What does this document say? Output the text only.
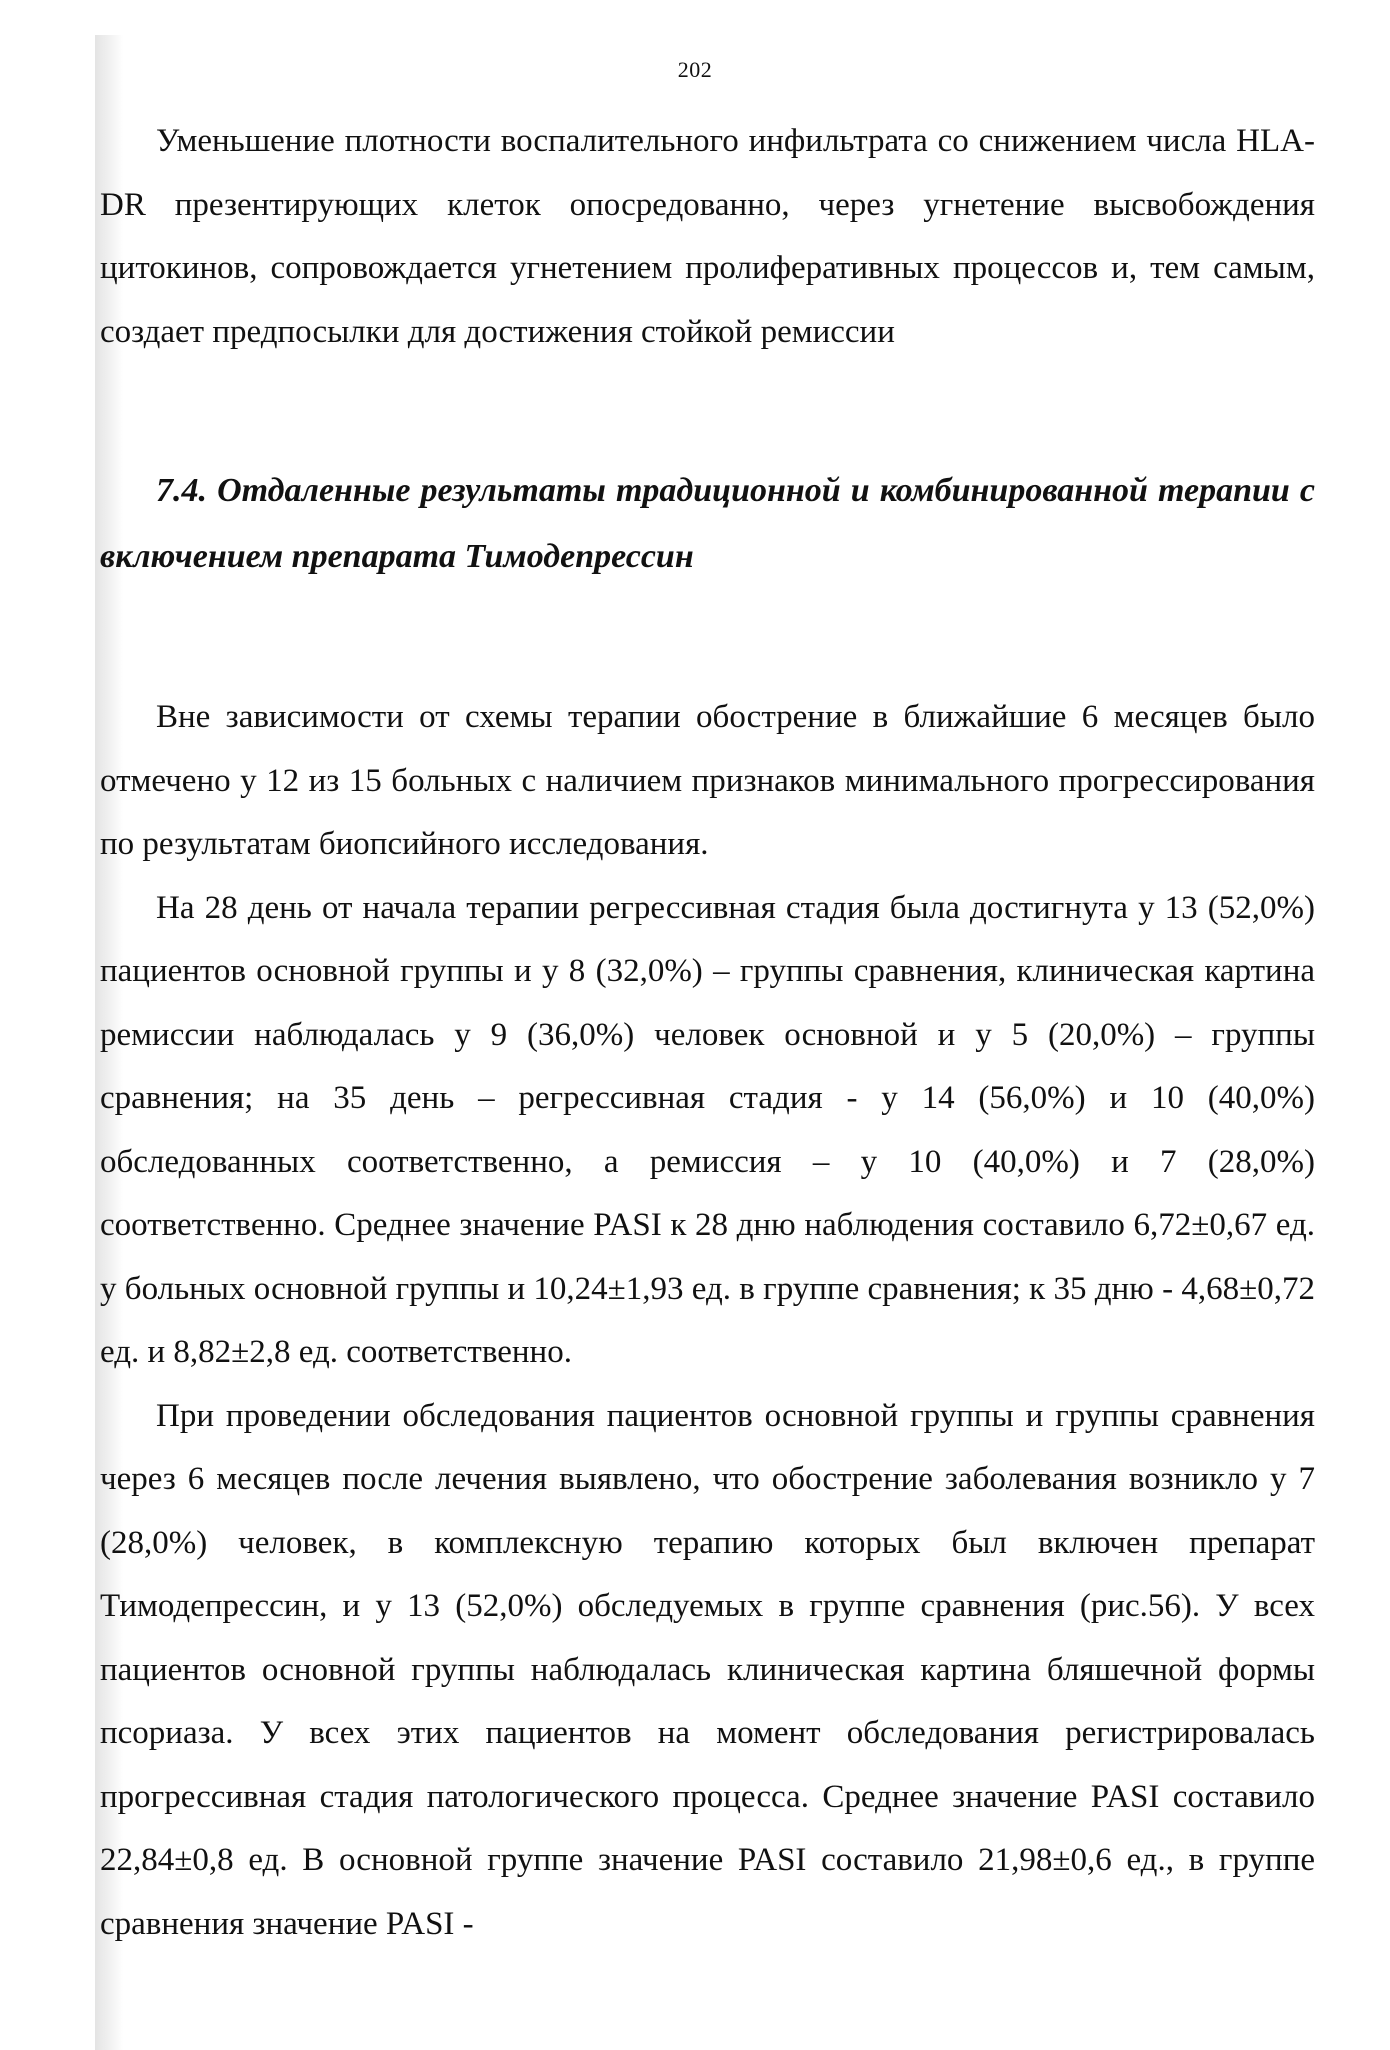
202

Уменьшение плотности воспалительного инфильтрата со снижением числа HLA-DR презентирующих клеток опосредованно, через угнетение высвобождения цитокинов, сопровождается угнетением пролиферативных процессов и, тем самым, создает предпосылки для достижения стойкой ремиссии

7.4. Отдаленные результаты традиционной и комбинированной терапии с включением препарата Тимодепрессин

Вне зависимости от схемы терапии обострение в ближайшие 6 месяцев было отмечено у 12 из 15 больных с наличием признаков минимального прогрессирования по результатам биопсийного исследования.

На 28 день от начала терапии регрессивная стадия была достигнута у 13 (52,0%) пациентов основной группы и у 8 (32,0%) – группы сравнения, клиническая картина ремиссии наблюдалась у 9 (36,0%) человек основной и у 5 (20,0%) – группы сравнения; на 35 день – регрессивная стадия - у 14 (56,0%) и 10 (40,0%) обследованных соответственно, а ремиссия – у 10 (40,0%) и 7 (28,0%) соответственно. Среднее значение PASI к 28 дню наблюдения составило 6,72±0,67 ед. у больных основной группы и 10,24±1,93 ед. в группе сравнения; к 35 дню - 4,68±0,72 ед. и 8,82±2,8 ед. соответственно.

При проведении обследования пациентов основной группы и группы сравнения через 6 месяцев после лечения выявлено, что обострение заболевания возникло у 7 (28,0%) человек, в комплексную терапию которых был включен препарат Тимодепрессин, и у 13 (52,0%) обследуемых в группе сравнения (рис.56). У всех пациентов основной группы наблюдалась клиническая картина бляшечной формы псориаза. У всех этих пациентов на момент обследования регистрировалась прогрессивная стадия патологического процесса. Среднее значение PASI составило 22,84±0,8 ед. В основной группе значение PASI составило 21,98±0,6 ед., в группе сравнения значение PASI -
